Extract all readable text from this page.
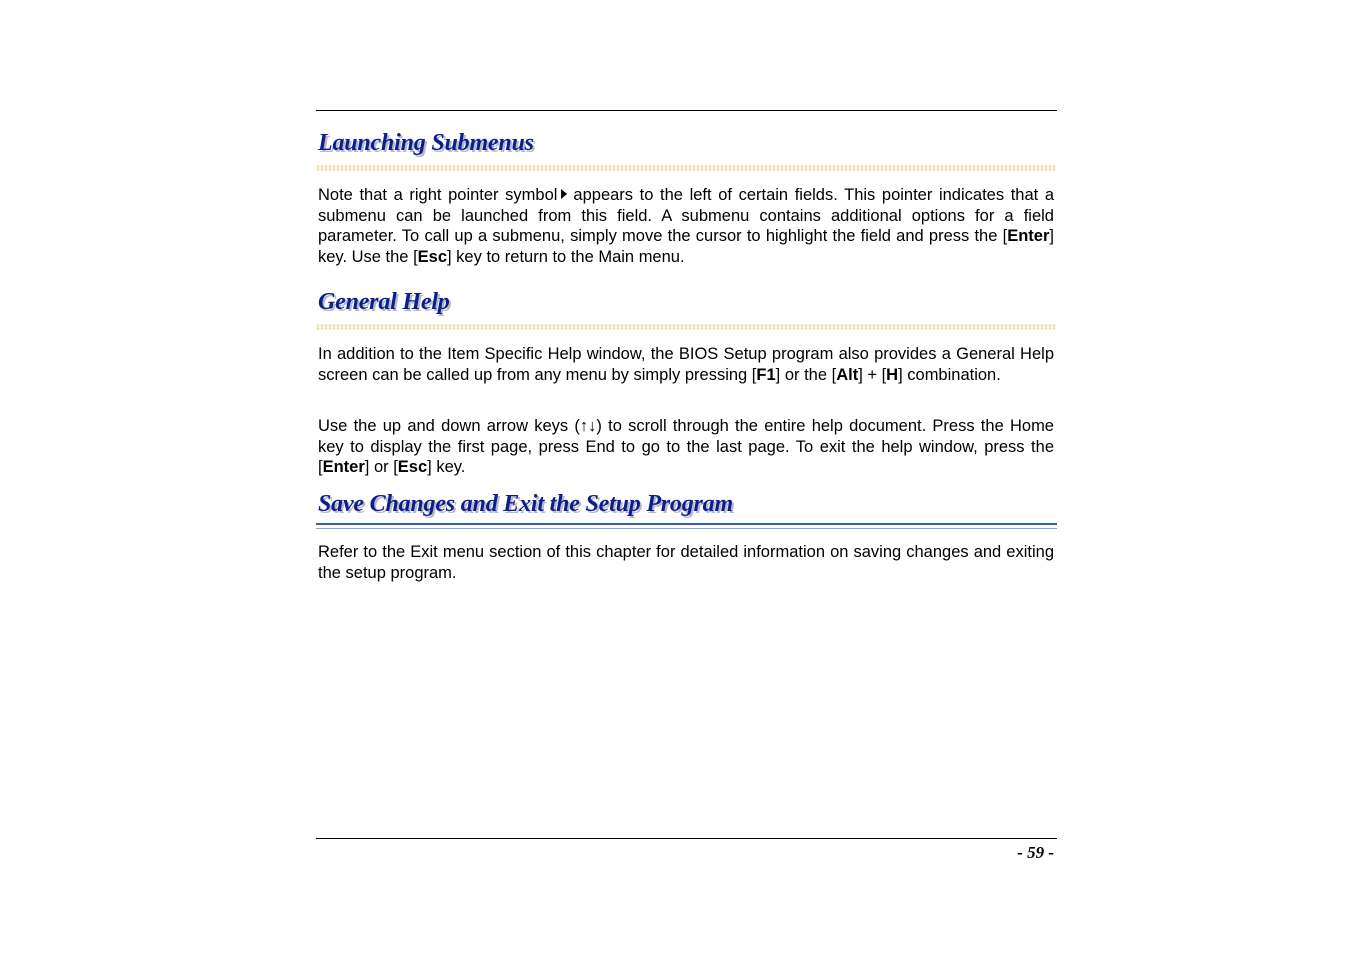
Launching Submenus

Note that a right pointer symbol appears to the left of certain fields. This pointer indicates that a submenu can be launched from this field. A submenu contains additional options for a field parameter. To call up a submenu, simply move the cursor to highlight the field and press the [Enter] key. Use the [Esc] key to return to the Main menu.

General Help

In addition to the Item Specific Help window, the BIOS Setup program also provides a General Help screen can be called up from any menu by simply pressing [F1] or the [Alt] + [H] combination.

Use the up and down arrow keys (↑↓) to scroll through the entire help document. Press the Home key to display the first page, press End to go to the last page. To exit the help window, press the [Enter] or [Esc] key.

Save Changes and Exit the Setup Program

Refer to the Exit menu section of this chapter for detailed information on saving changes and exiting the setup program.

- 59 -
